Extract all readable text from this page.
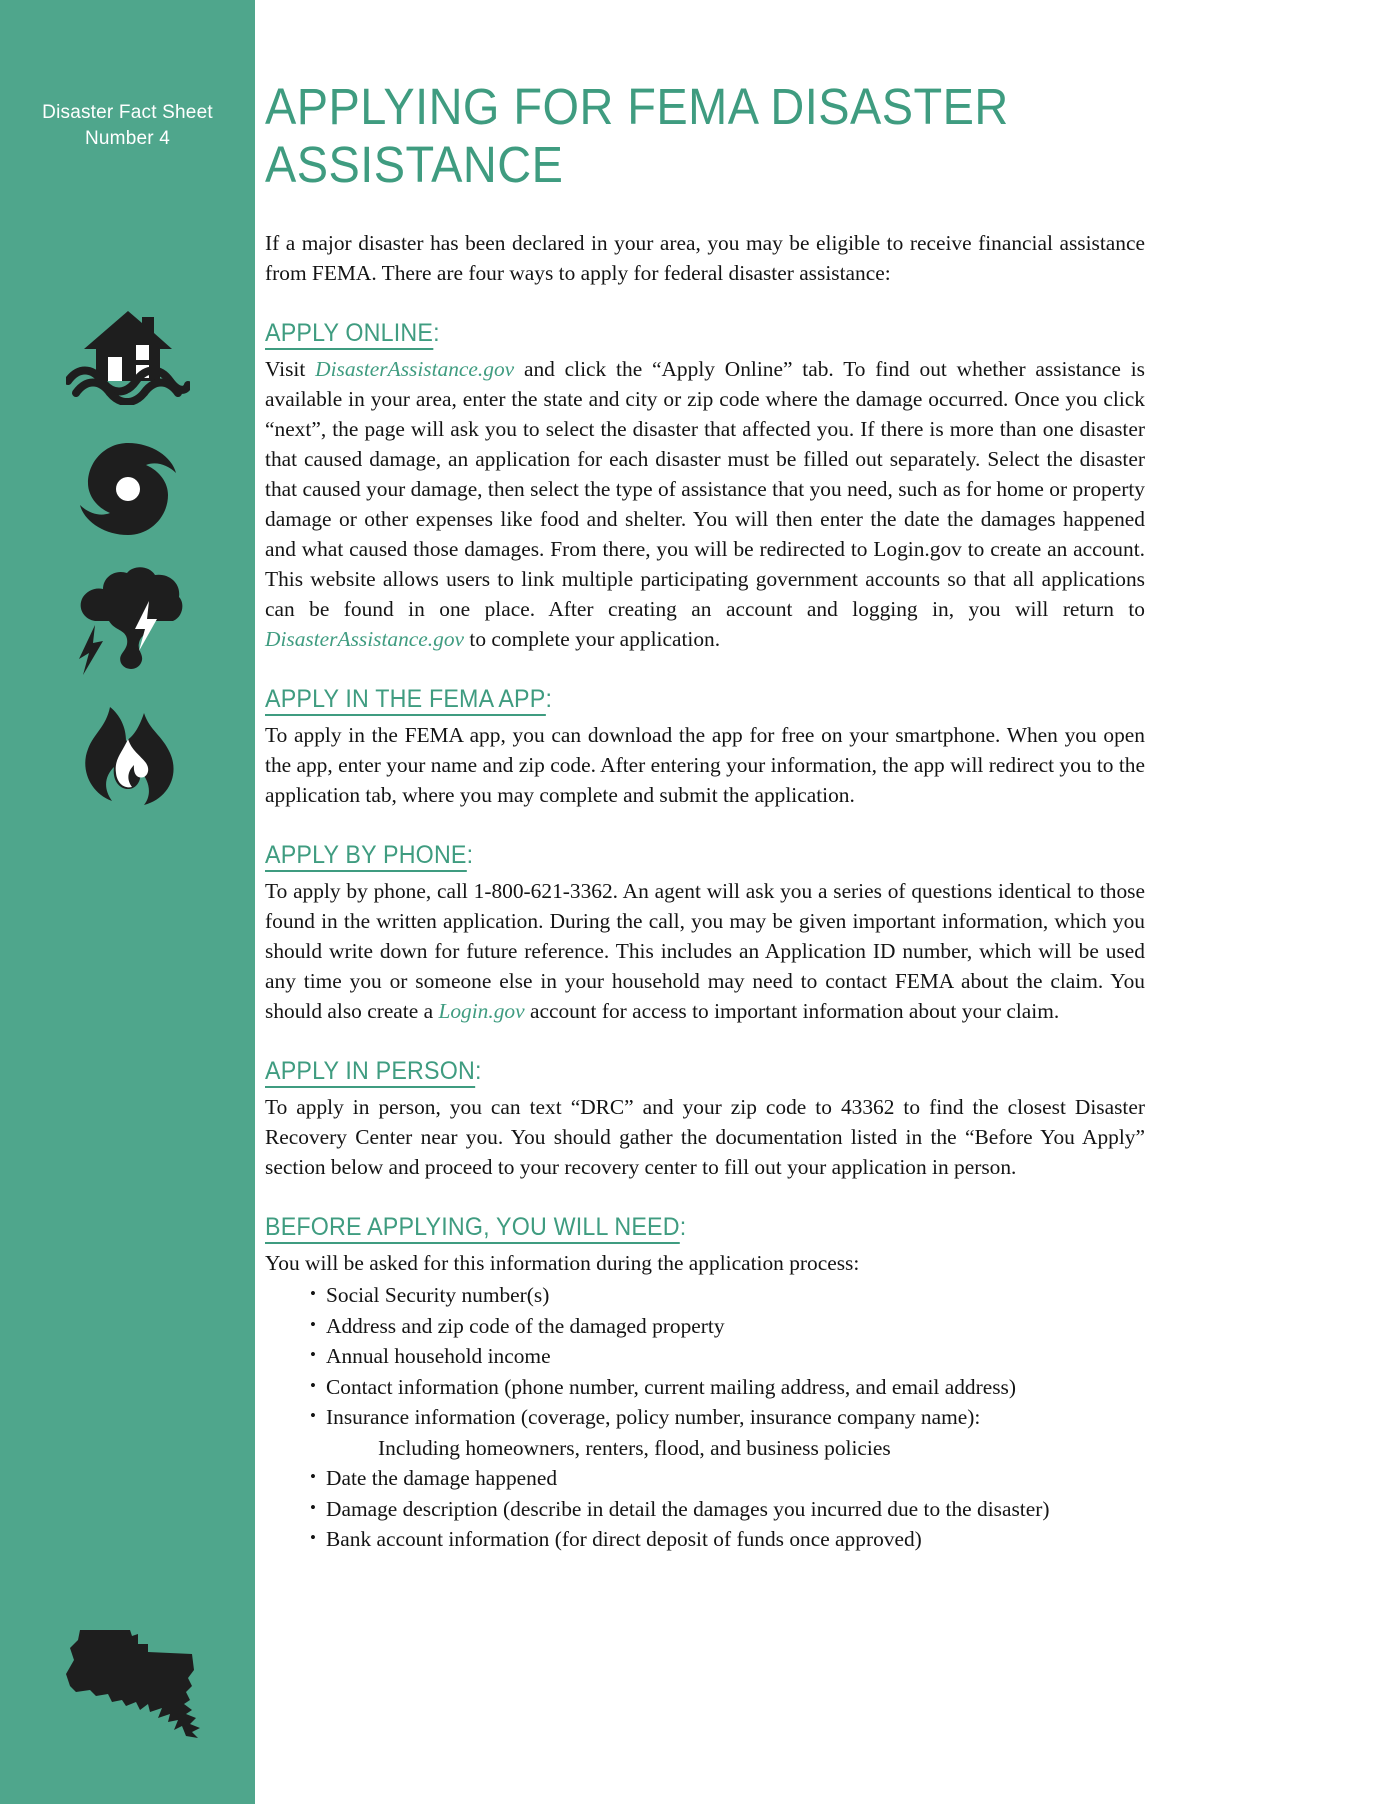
Disaster Fact Sheet
Number 4
APPLYING FOR FEMA DISASTER ASSISTANCE

If a major disaster has been declared in your area, you may be eligible to receive financial assistance from FEMA. There are four ways to apply for federal disaster assistance:

APPLY ONLINE:

Visit DisasterAssistance.gov and click the “Apply Online” tab. To find out whether assistance is available in your area, enter the state and city or zip code where the damage occurred. Once you click “next”, the page will ask you to select the disaster that affected you. If there is more than one disaster that caused damage, an application for each disaster must be filled out separately. Select the disaster that caused your damage, then select the type of assistance that you need, such as for home or property damage or other expenses like food and shelter. You will then enter the date the damages happened and what caused those damages. From there, you will be redirected to Login.gov to create an account. This website allows users to link multiple participating government accounts so that all applications can be found in one place. After creating an account and logging in, you will return to DisasterAssistance.gov to complete your application.

APPLY IN THE FEMA APP:

To apply in the FEMA app, you can download the app for free on your smartphone. When you open the app, enter your name and zip code. After entering your information, the app will redirect you to the application tab, where you may complete and submit the application.

APPLY BY PHONE:

To apply by phone, call 1-800-621-3362. An agent will ask you a series of questions identical to those found in the written application. During the call, you may be given important information, which you should write down for future reference. This includes an Application ID number, which will be used any time you or someone else in your household may need to contact FEMA about the claim. You should also create a Login.gov account for access to important information about your claim.

APPLY IN PERSON:

To apply in person, you can text “DRC” and your zip code to 43362 to find the closest Disaster Recovery Center near you. You should gather the documentation listed in the “Before You Apply” section below and proceed to your recovery center to fill out your application in person.

BEFORE APPLYING, YOU WILL NEED:

You will be asked for this information during the application process:

• Social Security number(s)
• Address and zip code of the damaged property
• Annual household income
• Contact information (phone number, current mailing address, and email address)
• Insurance information (coverage, policy number, insurance company name):
Including homeowners, renters, flood, and business policies
• Date the damage happened
• Damage description (describe in detail the damages you incurred due to the disaster)
• Bank account information (for direct deposit of funds once approved)
